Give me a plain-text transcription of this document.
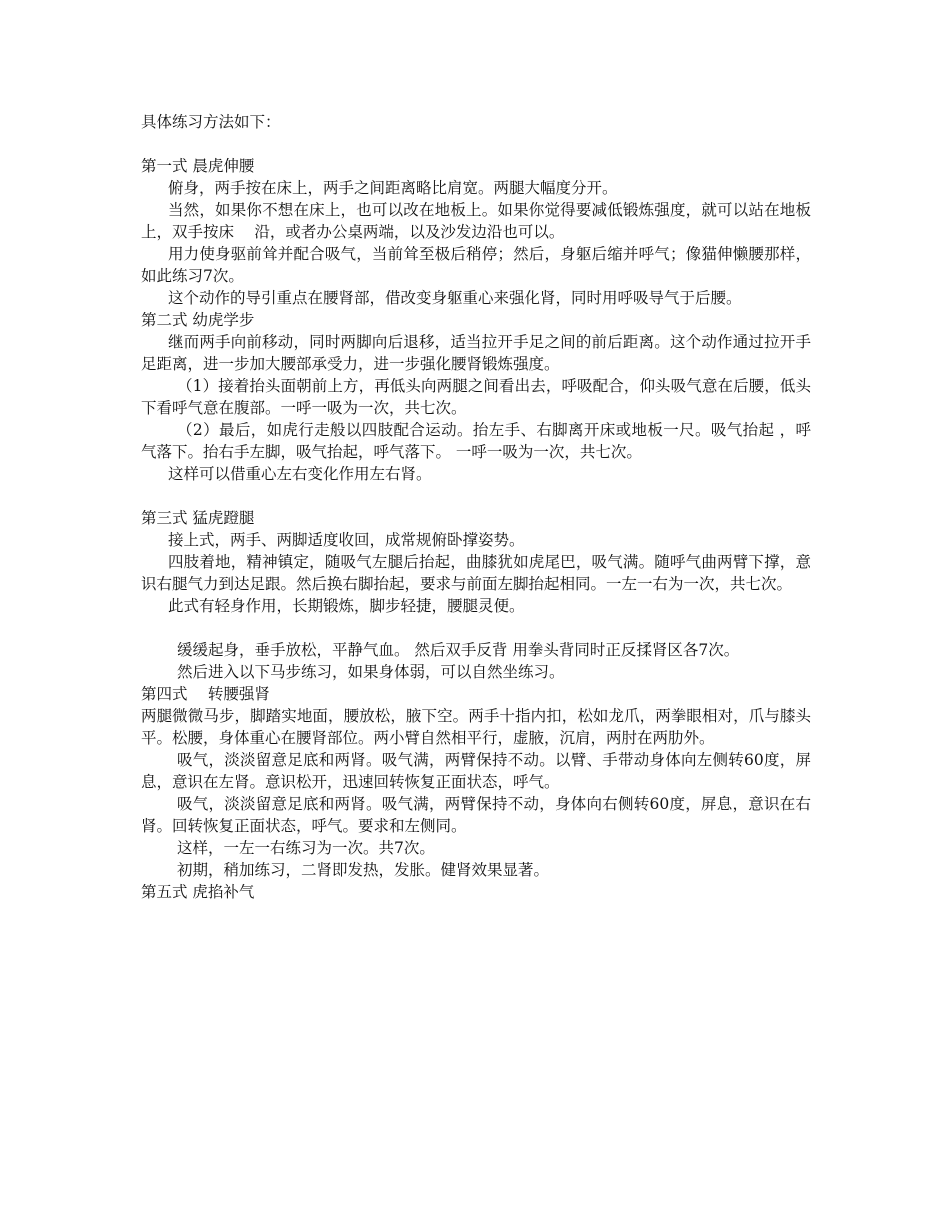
具体练习方法如下：

第一式 晨虎伸腰

俯身，两手按在床上，两手之间距离略比肩宽。两腿大幅度分开。

当然，如果你不想在床上，也可以改在地板上。如果你觉得要减低锻炼强度，就可以站在地板上，双手按床　 沿，或者办公桌两端，以及沙发边沿也可以。

用力使身驱前耸并配合吸气，当前耸至极后稍停；然后，身躯后缩并呼气；像猫伸懒腰那样，如此练习7次。

这个动作的导引重点在腰肾部，借改变身躯重心来强化肾，同时用呼吸导气于后腰。

第二式 幼虎学步

继而两手向前移动，同时两脚向后退移，适当拉开手足之间的前后距离。这个动作通过拉开手足距离，进一步加大腰部承受力，进一步强化腰肾锻炼强度。

（1）接着抬头面朝前上方，再低头向两腿之间看出去，呼吸配合，仰头吸气意在后腰，低头下看呼气意在腹部。一呼一吸为一次，共七次。

（2）最后，如虎行走般以四肢配合运动。抬左手、右脚离开床或地板一尺。吸气抬起 ，呼气落下。抬右手左脚，吸气抬起，呼气落下。 一呼一吸为一次，共七次。

这样可以借重心左右变化作用左右肾。

第三式 猛虎蹬腿

接上式，两手、两脚适度收回，成常规俯卧撑姿势。

四肢着地，精神镇定，随吸气左腿后抬起，曲膝犹如虎尾巴，吸气满。随呼气曲两臂下撑，意识右腿气力到达足跟。然后换右脚抬起，要求与前面左脚抬起相同。一左一右为一次，共七次。

此式有轻身作用，长期锻炼，脚步轻捷，腰腿灵便。

缓缓起身，垂手放松，平静气血。 然后双手反背 用拳头背同时正反揉肾区各7次。

然后进入以下马步练习，如果身体弱，可以自然坐练习。

第四式　 转腰强肾

两腿微微马步，脚踏实地面，腰放松，腋下空。两手十指内扣，松如龙爪，两拳眼相对，爪与膝头平。松腰，身体重心在腰肾部位。两小臂自然相平行，虚腋，沉肩，两肘在两肋外。

吸气，淡淡留意足底和两肾。吸气满，两臂保持不动。以臂、手带动身体向左侧转60度，屏息，意识在左肾。意识松开，迅速回转恢复正面状态，呼气。

吸气，淡淡留意足底和两肾。吸气满，两臂保持不动，身体向右侧转60度，屏息，意识在右肾。回转恢复正面状态，呼气。要求和左侧同。

这样，一左一右练习为一次。共7次。

初期，稍加练习，二肾即发热，发胀。健肾效果显著。

第五式 虎掐补气
